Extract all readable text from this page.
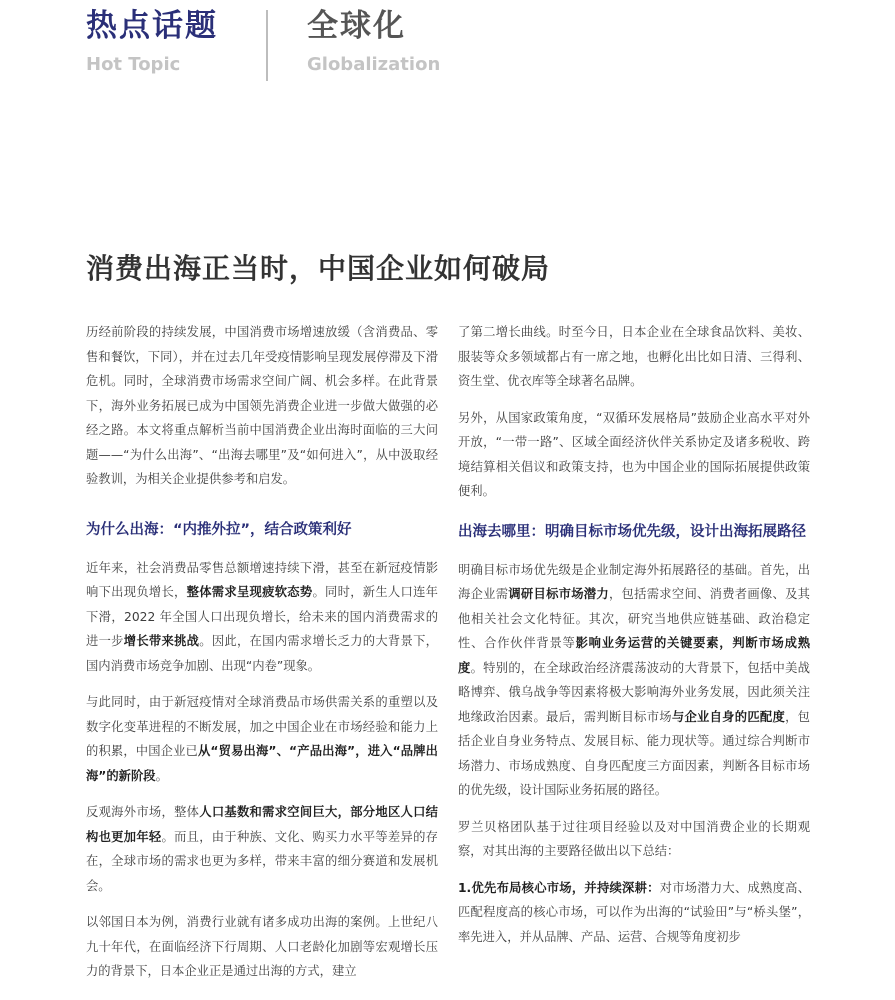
热点话题
Hot Topic
全球化
Globalization
消费出海正当时，中国企业如何破局

历经前阶段的持续发展，中国消费市场增速放缓（含消费品、零售和餐饮，下同），并在过去几年受疫情影响呈现发展停滞及下滑危机。同时，全球消费市场需求空间广阔、机会多样。在此背景下，海外业务拓展已成为中国领先消费企业进一步做大做强的必经之路。本文将重点解析当前中国消费企业出海时面临的三大问题——“为什么出海”、“出海去哪里”及“如何进入”，从中汲取经验教训，为相关企业提供参考和启发。

为什么出海：“内推外拉”，结合政策利好

近年来，社会消费品零售总额增速持续下滑，甚至在新冠疫情影响下出现负增长，整体需求呈现疲软态势。同时，新生人口连年下滑，2022 年全国人口出现负增长，给未来的国内消费需求的进一步增长带来挑战。因此，在国内需求增长乏力的大背景下，国内消费市场竞争加剧、出现“内卷”现象。

与此同时，由于新冠疫情对全球消费品市场供需关系的重塑以及数字化变革进程的不断发展，加之中国企业在市场经验和能力上的积累，中国企业已从“贸易出海”、“产品出海”，进入“品牌出海”的新阶段。

反观海外市场，整体人口基数和需求空间巨大，部分地区人口结构也更加年轻。而且，由于种族、文化、购买力水平等差异的存在，全球市场的需求也更为多样，带来丰富的细分赛道和发展机会。

以邻国日本为例，消费行业就有诸多成功出海的案例。上世纪八九十年代，在面临经济下行周期、人口老龄化加剧等宏观增长压力的背景下，日本企业正是通过出海的方式，建立

了第二增长曲线。时至今日，日本企业在全球食品饮料、美妆、服装等众多领域都占有一席之地，也孵化出比如日清、三得利、资生堂、优衣库等全球著名品牌。

另外，从国家政策角度，“双循环发展格局”鼓励企业高水平对外开放，“一带一路”、区域全面经济伙伴关系协定及诸多税收、跨境结算相关倡议和政策支持，也为中国企业的国际拓展提供政策便利。

出海去哪里：明确目标市场优先级，设计出海拓展路径

明确目标市场优先级是企业制定海外拓展路径的基础。首先，出海企业需调研目标市场潜力，包括需求空间、消费者画像、及其他相关社会文化特征。其次，研究当地供应链基础、政治稳定性、合作伙伴背景等影响业务运营的关键要素，判断市场成熟度。特别的，在全球政治经济震荡波动的大背景下，包括中美战略博弈、俄乌战争等因素将极大影响海外业务发展，因此须关注地缘政治因素。最后，需判断目标市场与企业自身的匹配度，包括企业自身业务特点、发展目标、能力现状等。通过综合判断市场潜力、市场成熟度、自身匹配度三方面因素，判断各目标市场的优先级，设计国际业务拓展的路径。

罗兰贝格团队基于过往项目经验以及对中国消费企业的长期观察，对其出海的主要路径做出以下总结：

1.优先布局核心市场，并持续深耕：对市场潜力大、成熟度高、匹配程度高的核心市场，可以作为出海的“试验田”与“桥头堡”，率先进入，并从品牌、产品、运营、合规等角度初步
